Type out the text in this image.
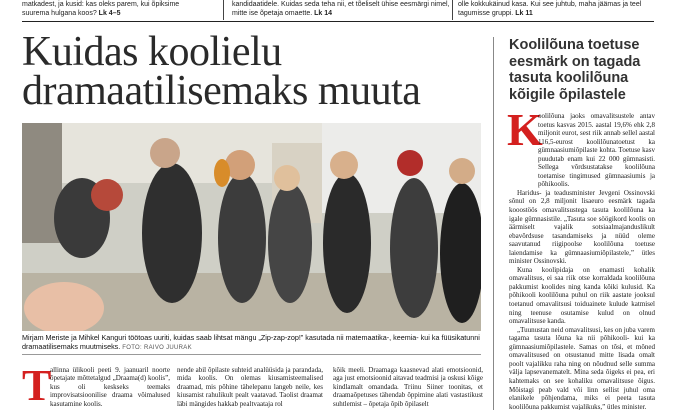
matkadest, ja kusid: kas oleks parem, kui õpiksime suurema hulgana koos? Lk 4–5
kandidaatidele. Kuidas seda teha nii, et tõeliselt ühise eesmärgi nimel, mitte ise õpetaja omaette. Lk 14
olle kokkukäinud kasa. Kui see juhtub, maha jäämas ja teel tagumisse gruppi. Lk 11
Kuidas koolielu dramaatilisemaks muuta
Mirjam Meriste ja Mihkel Kanguri töötoas uuriti, kuidas saab lihtsat mängu „Zip-zap-zop!” kasutada nii matemaatika-, keemia- kui ka füüsikatunni dramaatilisemaks muutmiseks. FOTO: RAIVO JUURAK
T
allinna ülikooli peeti 9. jaanuaril noorte õpetajate mõttetalgud „Draama(d) koolis”, kus oli keskseks teemaks improvisatsioonilise draama võimalused kasutamine koolis.
nende abil õpilaste suhteid analüüsida ja parandada, mida koolis. On olemas kiusamisteemalised draamad, mis põhine tähelepanu langeb neile, kes kiusamist rahulikult pealt vaatavad. Taolist draamat läbi mängides hakkab pealtvaataja rol
kõik meeli. Draamaga kaasnevad alati emotsioonid, aga just emotsioonid aitavad teadmisi ja oskusi kõige kindlamalt omandada. Triinu Siiner toonitas, et draamaõpetuses tähendab õppimine alati vastastikust suhtlemist – õpetaja õpib õpilaselt
Koolilõuna toetuse eesmärk on tagada tasuta koolilõuna kõigile õpilastele
K
oolilõuna jaoks omavalitsustele antav toetus kasvas 2015. aastal 19,6% ehk 2,8 miljonit eurot, sest riik annab sellel aastal 116,5-eurost koolilõunatoetust ka gümnaasiumiõpilaste kohta. Toetuse kasv puudutab enam kui 22 000 gümnasisti. Sellega võrdsustatakse koolilõuna toetamise tingimused gümnaasiumis ja põhikoolis.
Haridus- ja teadusminister Jevgeni Ossinovski sõnul on 2,8 miljonit lisaeuro eesmärk tagada kooostöös omavalitsustega tasuta koolilõuna ka igale gümnasistile. „Tasuta soe söögikord koolis on äärmiselt vajalik sotsiaalmajanduslikult ebavõrdsuse tasandamiseks ja nüüd oleme saavutanud riigipoolse koolilõuna toetuse laiendamise ka gümnaasiumiõpilastele,” ütles minister Ossinovski.
Kuna koolipidaja on enamasti kohalik omavalitsus, ei saa riik otse korraldada koolilõuna pakkumist koolides ning kanda kõiki kulusid. Ka põhikooli koolilõuna puhul on riik aastate jooksul toetanud omavalitsusi toiduainete kulude katmisel ning teenuse osutamise kulud on olnud omavalitsuse kanda.
„Tuunustan neid omavalitsusi, kes on juba varem tagama tasuta lõuna ka nii põhikooli- kui ka gümnaasiumiõpilastele. Samas on tõsi, et mõned omavalitsused on otsustanud mitte lisada omalt poolt vajalikku raha ning on nõudnud selle summa välja lapsevanematelt. Mina sedа õigeks ei pea, eri kahtemaks on see kohaliku omavalitsuse õigus. Mõistagi peab vald või linn sellist juhul oma elanikele põhjendama, miks ei peeta tasuta koolilõuna pakkumist vajalikuks,” ütles minister.
